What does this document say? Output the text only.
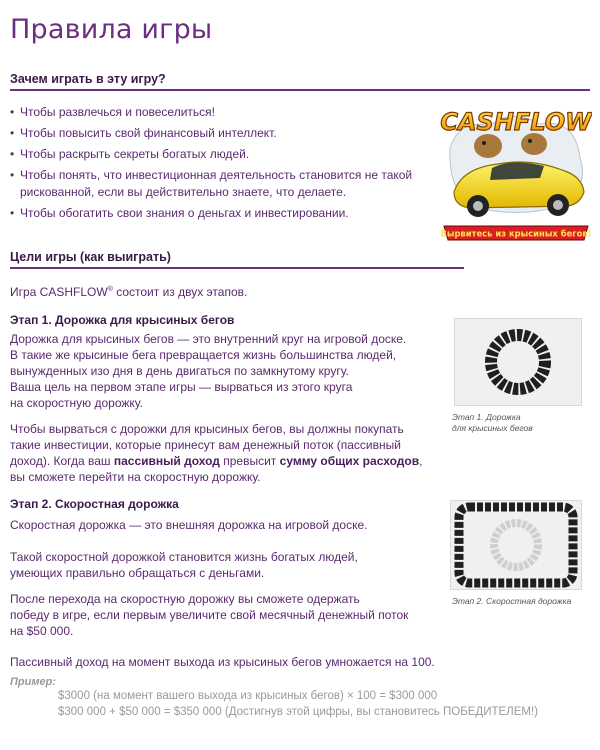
Правила игры
Зачем играть в эту игру?
• Чтобы развлечься и повеселиться!
• Чтобы повысить свой финансовый интеллект.
• Чтобы раскрыть секреты богатых людей.
• Чтобы понять, что инвестиционная деятельность становится не такой рискованной, если вы действительно знаете, что делаете.
• Чтобы обогатить свои знания о деньгах и инвестировании.
CASHFLOW
Вырвитесь из крысиных бегов!
Цели игры (как выиграть)
Игра CASHFLOW® состоит из двух этапов.
Этап 1. Дорожка для крысиных бегов
Дорожка для крысиных бегов — это внутренний круг на игровой доске.
В такие же крысиные бега превращается жизнь большинства людей,
вынужденных изо дня в день двигаться по замкнутому кругу.
Ваша цель на первом этапе игры — вырваться из этого круга
на скоростную дорожку.
Чтобы вырваться с дорожки для крысиных бегов, вы должны покупать
такие инвестиции, которые принесут вам денежный поток (пассивный
доход). Когда ваш пассивный доход превысит сумму общих расходов,
вы сможете перейти на скоростную дорожку.
Этап 1. Дорожка
для крысиных бегов
Этап 2. Скоростная дорожка
Скоростная дорожка — это внешняя дорожка на игровой доске.
Такой скоростной дорожкой становится жизнь богатых людей,
умеющих правильно обращаться с деньгами.
После перехода на скоростную дорожку вы сможете одержать
победу в игре, если первым увеличите свой месячный денежный поток
на $50 000.
Этап 2. Скоростная дорожка
Пассивный доход на момент выхода из крысиных бегов умножается на 100.
Пример:
$3000 (на момент вашего выхода из крысиных бегов) × 100 = $300 000
$300 000 + $50 000 = $350 000 (Достигнув этой цифры, вы становитесь ПОБЕДИТЕЛЕМ!)
